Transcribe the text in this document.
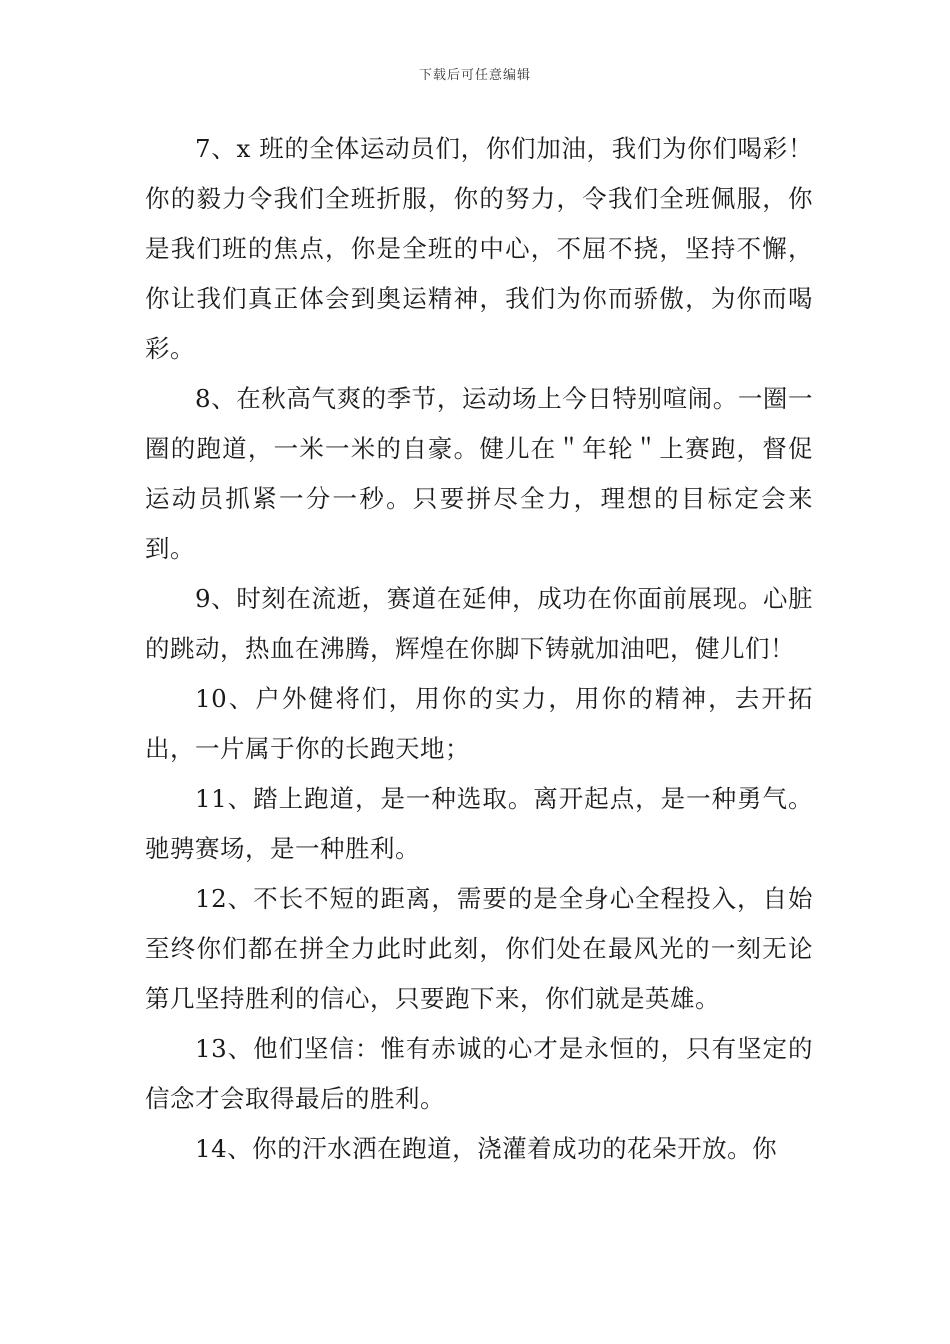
下载后可任意编辑

7、x 班的全体运动员们，你们加油，我们为你们喝彩！你的毅力令我们全班折服，你的努力，令我们全班佩服，你是我们班的焦点，你是全班的中心，不屈不挠，坚持不懈，你让我们真正体会到奥运精神，我们为你而骄傲，为你而喝彩。

8、在秋高气爽的季节，运动场上今日特别喧闹。一圈一圈的跑道，一米一米的自豪。健儿在＂年轮＂上赛跑，督促运动员抓紧一分一秒。只要拼尽全力，理想的目标定会来到。

9、时刻在流逝，赛道在延伸，成功在你面前展现。心脏的跳动，热血在沸腾，辉煌在你脚下铸就加油吧，健儿们！

10、户外健将们，用你的实力，用你的精神，去开拓出，一片属于你的长跑天地；

11、踏上跑道，是一种选取。离开起点，是一种勇气。驰骋赛场，是一种胜利。

12、不长不短的距离，需要的是全身心全程投入，自始至终你们都在拼全力此时此刻，你们处在最风光的一刻无论第几坚持胜利的信心，只要跑下来，你们就是英雄。

13、他们坚信：惟有赤诚的心才是永恒的，只有坚定的信念才会取得最后的胜利。

14、你的汗水洒在跑道，浇灌着成功的花朵开放。你
